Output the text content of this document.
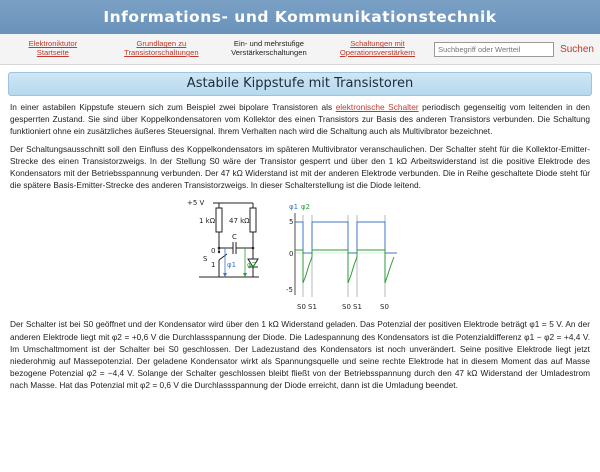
Informations- und Kommunikationstechnik
Elektroniktutor
Startseite
Grundlagen zu
Transistorschaltungen
Ein- und mehrstufige
Verstärkerschaltungen
Schaltungen mit
Operationsverstärkern
Suchbegriff oder Wertteil	Suchen
Astabile Kippstufe mit Transistoren

In einer astabilen Kippstufe steuern sich zum Beispiel zwei bipolare Transistoren als elektronische Schalter periodisch gegenseitig vom leitenden in den gesperrten Zustand. Sie sind über Koppelkondensatoren vom Kollektor des einen Transistors zur Basis des anderen Transistors verbunden. Die Schaltung funktioniert ohne ein zusätzliches äußeres Steuersignal. Ihrem Verhalten nach wird die Schaltung auch als Multivibrator bezeichnet.

Der Schaltungsausschnitt soll den Einfluss des Koppelkondensators im späteren Multivibrator veranschaulichen. Der Schalter steht für die Kollektor-Emitter-Strecke des einen Transistorzweigs. In der Stellung S0 wäre der Transistor gesperrt und über den 1 kΩ Arbeitswiderstand ist die positive Elektrode des Kondensators mit der Betriebsspannung verbunden. Der 47 kΩ Widerstand ist mit der anderen Elektrode verbunden. Die in Reihe geschaltete Diode steht für die spätere Basis-Emitter-Strecke des anderen Transistorzweigs. In dieser Schalterstellung ist die Diode leitend.

+5 V
1 kΩ 47 kΩ
C
0
1
S
φ1 φ2
φ1 φ2
5
0
-5
S0 S1	S0 S1	S0

Der Schalter ist bei S0 geöffnet und der Kondensator wird über den 1 kΩ Widerstand geladen. Das Potenzial der positiven Elektrode beträgt φ1 = 5 V. An der anderen Elektrode liegt mit φ2 = +0,6 V die Durchlassspannung der Diode. Die Ladespannung des Kondensators ist die Potenzialdifferenz φ1 − φ2 = +4,4 V. Im Umschaltmoment ist der Schalter bei S0 geschlossen. Der Ladezustand des Kondensators ist noch unverändert. Seine positive Elektrode liegt jetzt niederohmig auf Massepotenzial. Der geladene Kondensator wirkt als Spannungsquelle und seine rechte Elektrode hat in diesem Moment das auf Masse bezogene Potenzial φ2 = −4,4 V. Solange der Schalter geschlossen bleibt fließt von der Betriebsspannung durch den 47 kΩ Widerstand der Umladestrom nach Masse. Hat das Potenzial mit φ2 = 0,6 V die Durchlassspannung der Diode erreicht, dann ist die Umladung beendet.
